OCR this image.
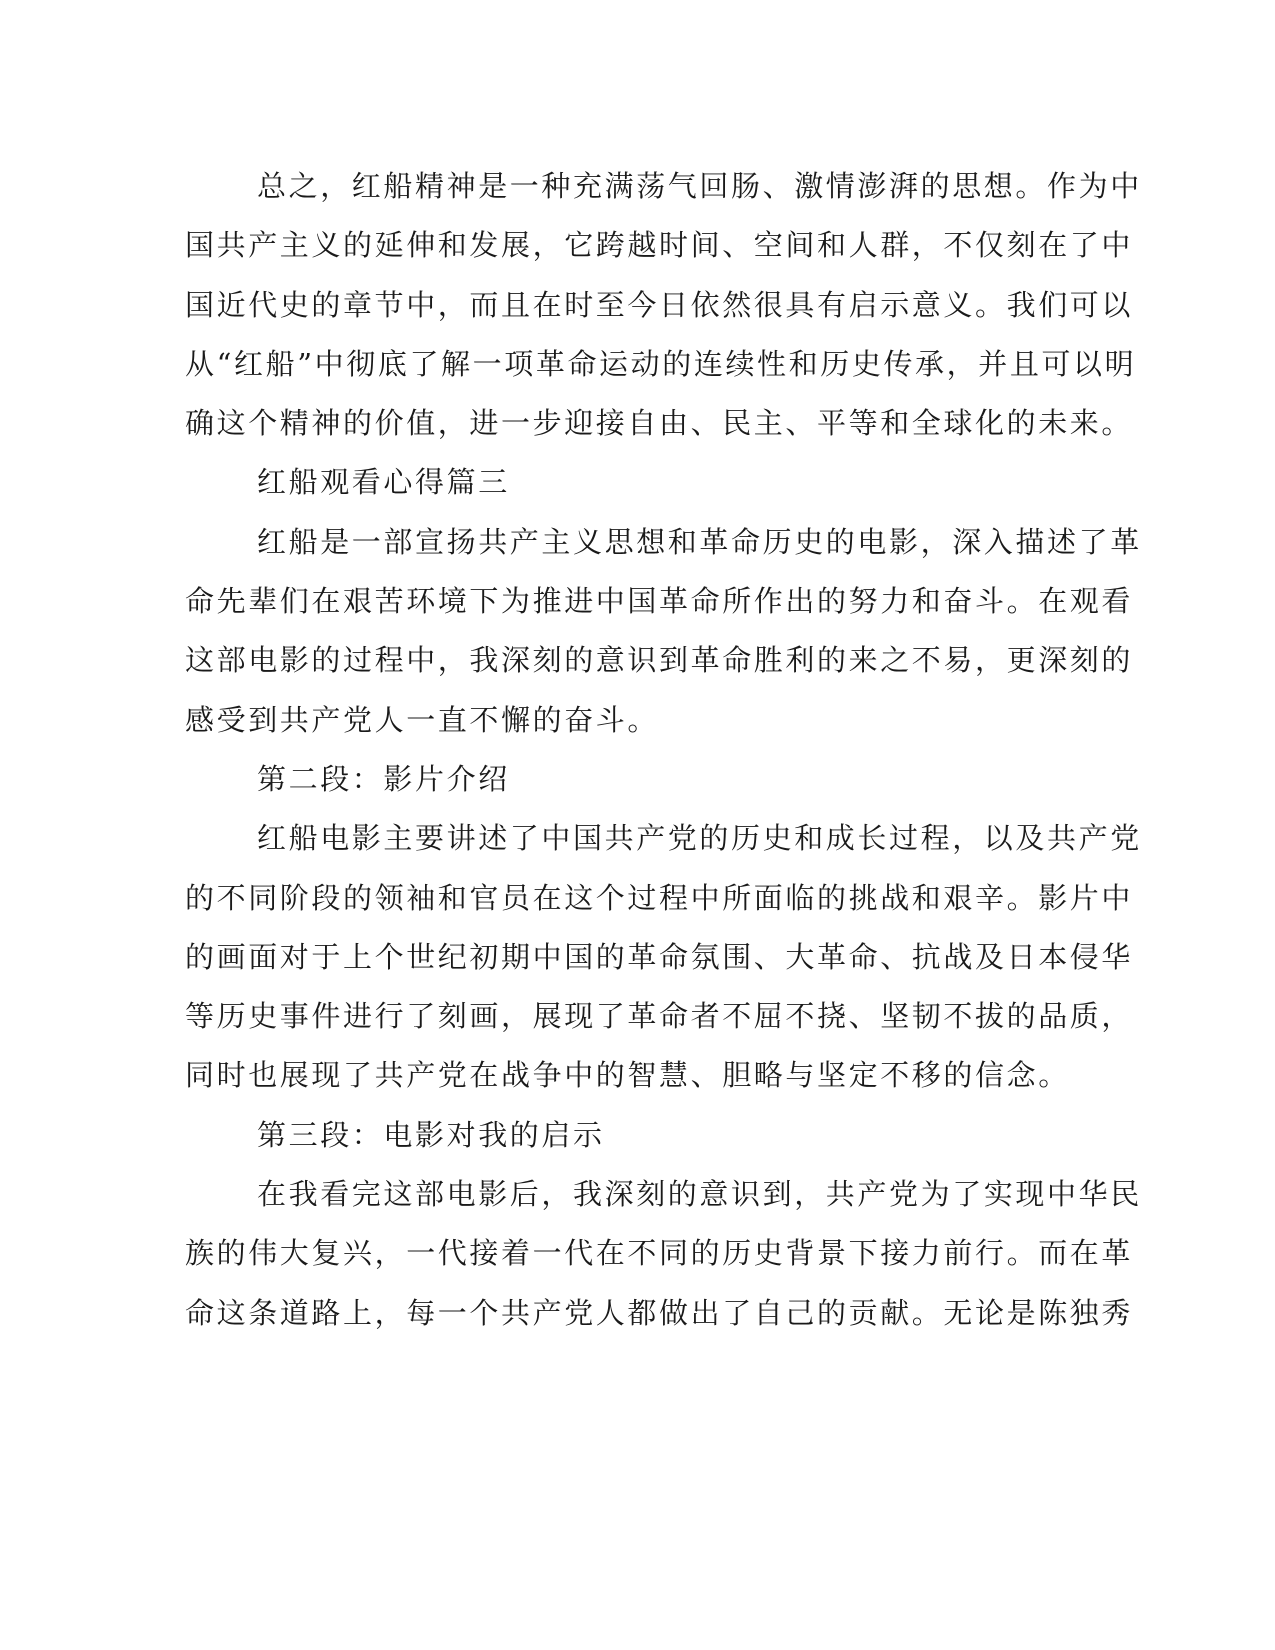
总之，红船精神是一种充满荡气回肠、激情澎湃的思想。作为中
国共产主义的延伸和发展，它跨越时间、空间和人群，不仅刻在了中
国近代史的章节中，而且在时至今日依然很具有启示意义。我们可以
从“红船”中彻底了解一项革命运动的连续性和历史传承，并且可以明
确这个精神的价值，进一步迎接自由、民主、平等和全球化的未来。
红船观看心得篇三
红船是一部宣扬共产主义思想和革命历史的电影，深入描述了革
命先辈们在艰苦环境下为推进中国革命所作出的努力和奋斗。在观看
这部电影的过程中，我深刻的意识到革命胜利的来之不易，更深刻的
感受到共产党人一直不懈的奋斗。
第二段：影片介绍
红船电影主要讲述了中国共产党的历史和成长过程，以及共产党
的不同阶段的领袖和官员在这个过程中所面临的挑战和艰辛。影片中
的画面对于上个世纪初期中国的革命氛围、大革命、抗战及日本侵华
等历史事件进行了刻画，展现了革命者不屈不挠、坚韧不拔的品质，
同时也展现了共产党在战争中的智慧、胆略与坚定不移的信念。
第三段：电影对我的启示
在我看完这部电影后，我深刻的意识到，共产党为了实现中华民
族的伟大复兴，一代接着一代在不同的历史背景下接力前行。而在革
命这条道路上，每一个共产党人都做出了自己的贡献。无论是陈独秀
